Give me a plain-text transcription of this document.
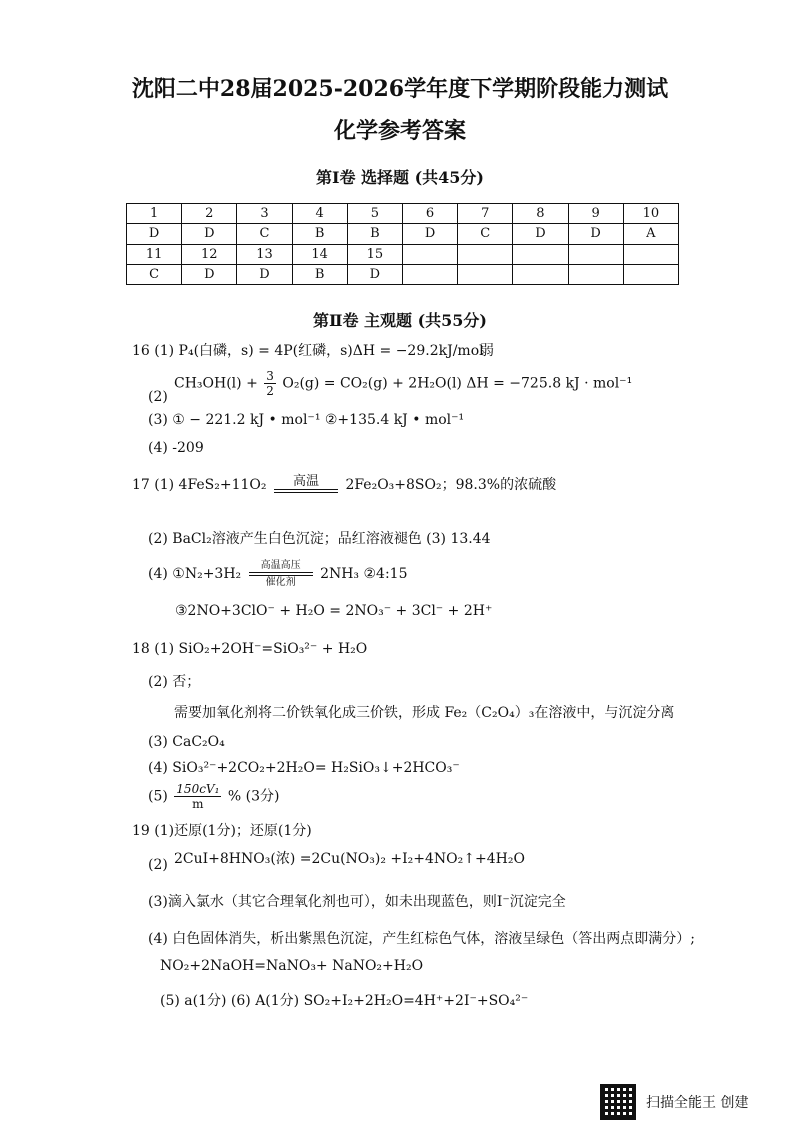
沈阳二中28届2025-2026学年度下学期阶段能力测试
化学参考答案
第Ⅰ卷 选择题 (共45分)
1	2	3	4	5	6	7	8	9	10
D	D	C	B	B	D	C	D	D	A
11	12	13	14	15					
C	D	D	B	D					
第Ⅱ卷 主观题 (共55分)
16 (1) P₄(白磷，s) = 4P(红磷，s)ΔH = −29.2kJ/mol
弱
(2)
$CH_3OH(l) + \frac{3}{2} O_2(g) = CO_2(g) + 2H_2O(l) \Delta H = -725.8$ kJ · mol⁻¹
(3) ① − 221.2 kJ • mol⁻¹ ②+135.4 kJ • mol⁻¹
(4) -209
17 (1) 4FeS₂+11O₂ 高温 2Fe₂O₃+8SO₂；98.3%的浓硫酸
(2) BaCl₂溶液产生白色沉淀；品红溶液褪色 (3) 13.44
(4) ①N₂+3H₂ 高温高压
催化剂 2NH₃ ②4:15
③2NO+3ClO⁻ + H₂O = 2NO₃⁻ + 3Cl⁻ + 2H⁺
18 (1) SiO₂+2OH⁻=SiO₃²⁻ + H₂O
(2) 否；
需要加氧化剂将二价铁氧化成三价铁，形成 Fe₂（C₂O₄）₃在溶液中，与沉淀分离
(3) CaC₂O₄
(4) SiO₃²⁻+2CO₂+2H₂O= H₂SiO₃↓+2HCO₃⁻
$(5) \frac{\text{150cV₁}}{m}$ % (3分)
19 (1)还原(1分)；还原(1分)
(2) 2CuI+8HNO₃(浓) =2Cu(NO₃)₂ +I₂+4NO₂↑+4H₂O
(3)滴入氯水（其它合理氧化剂也可），如未出现蓝色，则I⁻沉淀完全
(4) 白色固体消失，析出紫黑色沉淀，产生红棕色气体，溶液呈绿色（答出两点即满分）;
NO₂+2NaOH=NaNO₃+ NaNO₂+H₂O
(5) a(1分) (6) A(1分) SO₂+I₂+2H₂O=4H⁺+2I⁻+SO₄²⁻
扫描全能王 创建
